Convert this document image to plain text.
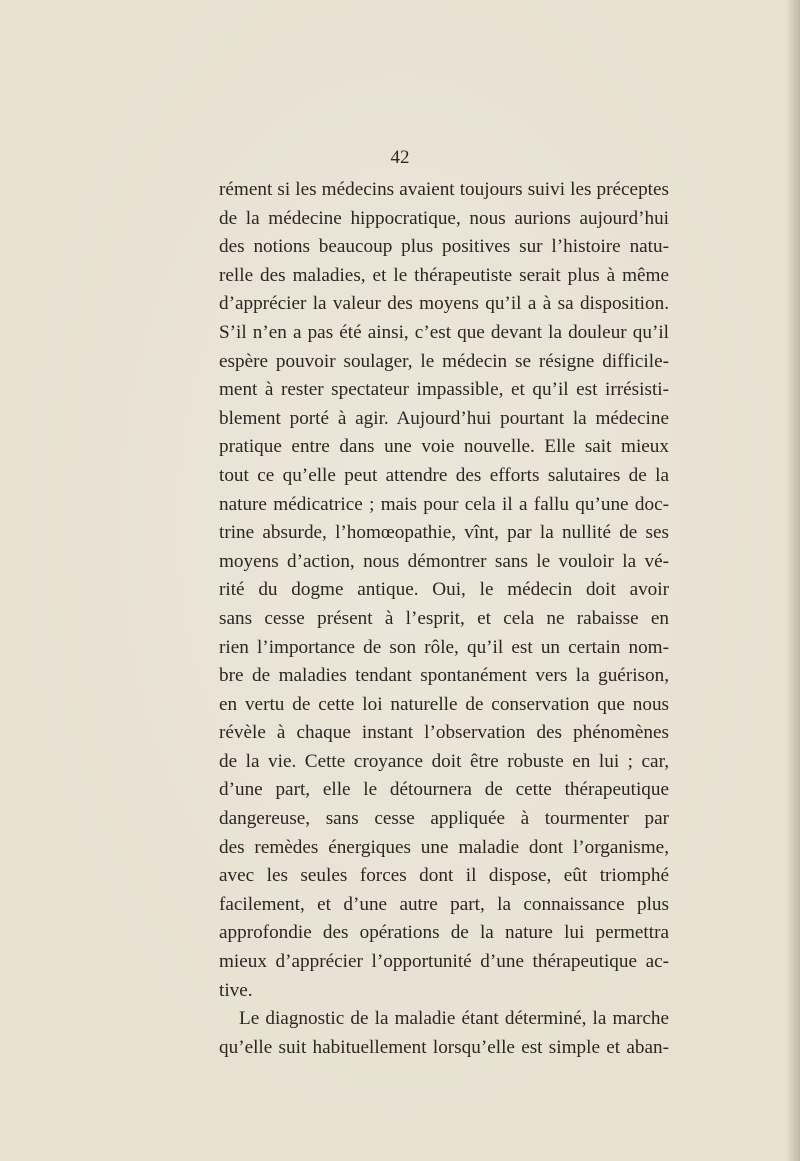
42
rément si les médecins avaient toujours suivi les préceptes
de la médecine hippocratique, nous aurions aujourd’hui
des notions beaucoup plus positives sur l’histoire natu-
relle des maladies, et le thérapeutiste serait plus à même
d’apprécier la valeur des moyens qu’il a à sa disposition.
S’il n’en a pas été ainsi, c’est que devant la douleur qu’il
espère pouvoir soulager, le médecin se résigne difficile-
ment à rester spectateur impassible, et qu’il est irrésisti-
blement porté à agir. Aujourd’hui pourtant la médecine
pratique entre dans une voie nouvelle. Elle sait mieux
tout ce qu’elle peut attendre des efforts salutaires de la
nature médicatrice ; mais pour cela il a fallu qu’une doc-
trine absurde, l’homœopathie, vînt, par la nullité de ses
moyens d’action, nous démontrer sans le vouloir la vé-
rité du dogme antique. Oui, le médecin doit avoir
sans cesse présent à l’esprit, et cela ne rabaisse en
rien l’importance de son rôle, qu’il est un certain nom-
bre de maladies tendant spontanément vers la guérison,
en vertu de cette loi naturelle de conservation que nous
révèle à chaque instant l’observation des phénomènes
de la vie. Cette croyance doit être robuste en lui ; car,
d’une part, elle le détournera de cette thérapeutique
dangereuse, sans cesse appliquée à tourmenter par
des remèdes énergiques une maladie dont l’organisme,
avec les seules forces dont il dispose, eût triomphé
facilement, et d’une autre part, la connaissance plus
approfondie des opérations de la nature lui permettra
mieux d’apprécier l’opportunité d’une thérapeutique ac-
tive.
Le diagnostic de la maladie étant déterminé, la marche
qu’elle suit habituellement lorsqu’elle est simple et aban-
